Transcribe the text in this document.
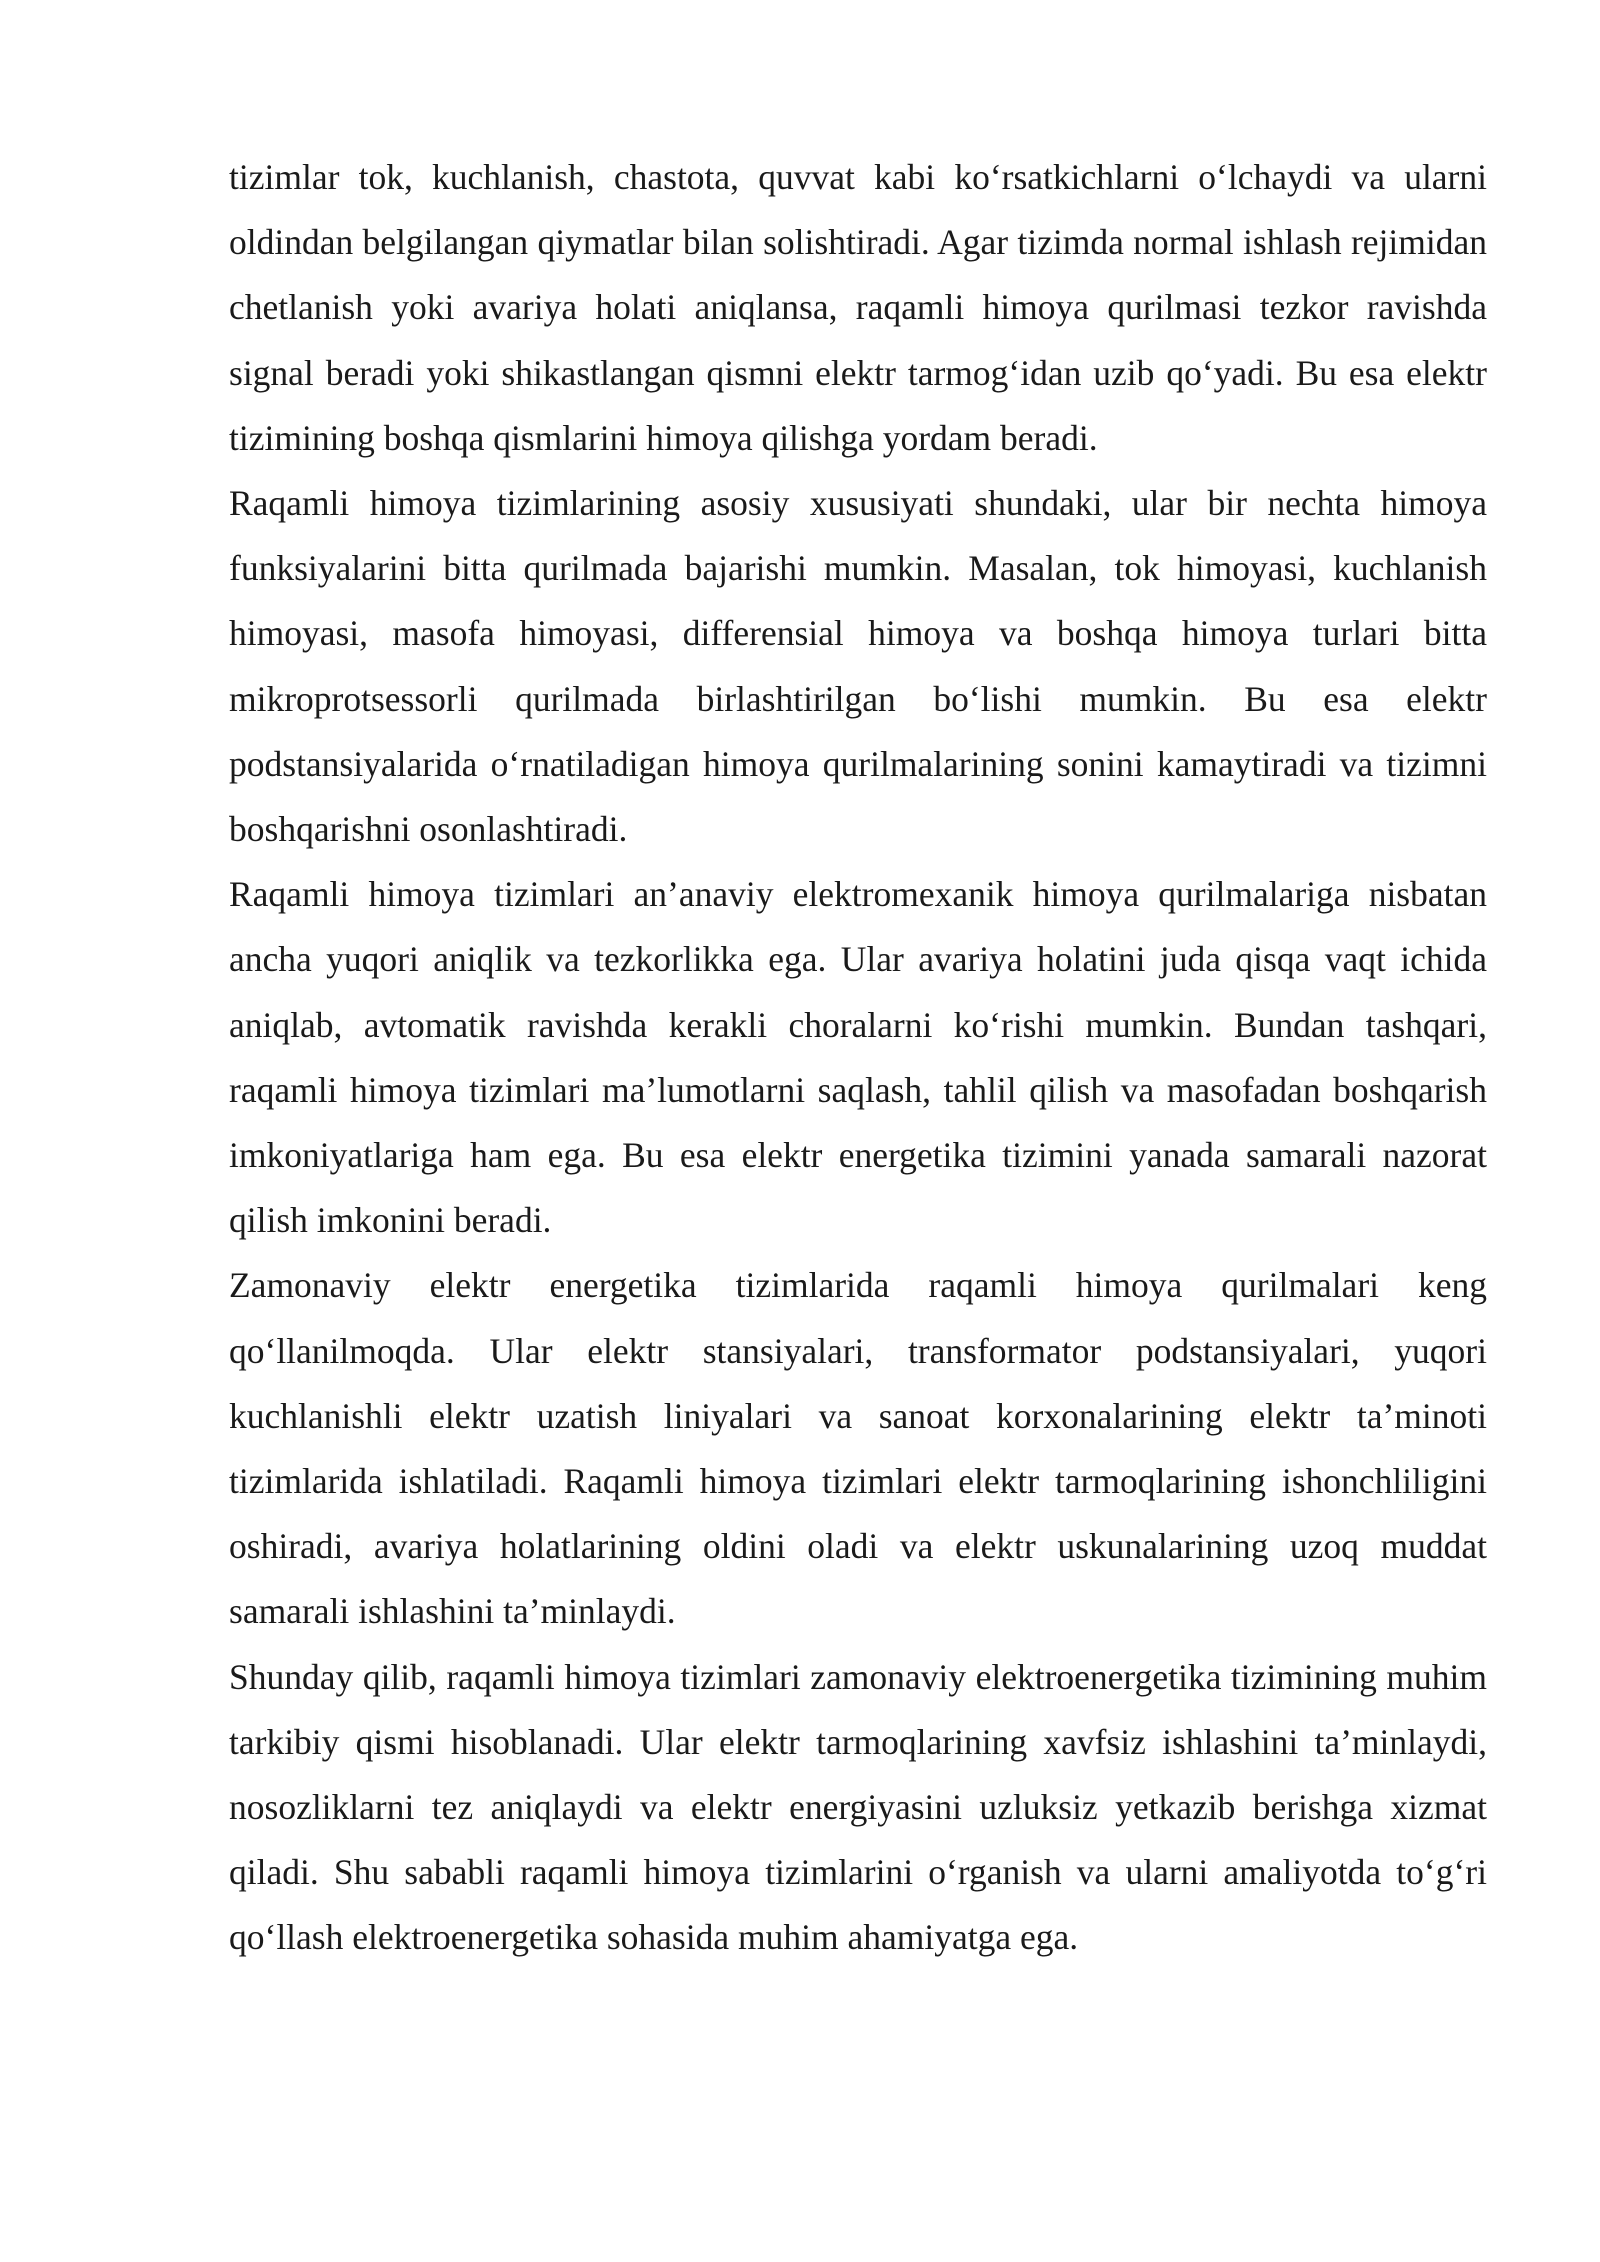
tizimlar tok, kuchlanish, chastota, quvvat kabi ko‘rsatkichlarni o‘lchaydi va ularni oldindan belgilangan qiymatlar bilan solishtiradi. Agar tizimda normal ishlash rejimidan chetlanish yoki avariya holati aniqlansa, raqamli himoya qurilmasi tezkor ravishda signal beradi yoki shikastlangan qismni elektr tarmog‘idan uzib qo‘yadi. Bu esa elektr tizimining boshqa qismlarini himoya qilishga yordam beradi.

Raqamli himoya tizimlarining asosiy xususiyati shundaki, ular bir nechta himoya funksiyalarini bitta qurilmada bajarishi mumkin. Masalan, tok himoyasi, kuchlanish himoyasi, masofa himoyasi, differensial himoya va boshqa himoya turlari bitta mikroprotsessorli qurilmada birlashtirilgan bo‘lishi mumkin. Bu esa elektr podstansiyalarida o‘rnatiladigan himoya qurilmalarining sonini kamaytiradi va tizimni boshqarishni osonlashtiradi.

Raqamli himoya tizimlari an’anaviy elektromexanik himoya qurilmalariga nisbatan ancha yuqori aniqlik va tezkorlikka ega. Ular avariya holatini juda qisqa vaqt ichida aniqlab, avtomatik ravishda kerakli choralarni ko‘rishi mumkin. Bundan tashqari, raqamli himoya tizimlari ma’lumotlarni saqlash, tahlil qilish va masofadan boshqarish imkoniyatlariga ham ega. Bu esa elektr energetika tizimini yanada samarali nazorat qilish imkonini beradi.

Zamonaviy elektr energetika tizimlarida raqamli himoya qurilmalari keng qo‘llanilmoqda. Ular elektr stansiyalari, transformator podstansiyalari, yuqori kuchlanishli elektr uzatish liniyalari va sanoat korxonalarining elektr ta’minoti tizimlarida ishlatiladi. Raqamli himoya tizimlari elektr tarmoqlarining ishonchliligini oshiradi, avariya holatlarining oldini oladi va elektr uskunalarining uzoq muddat samarali ishlashini ta’minlaydi.

Shunday qilib, raqamli himoya tizimlari zamonaviy elektroenergetika tizimining muhim tarkibiy qismi hisoblanadi. Ular elektr tarmoqlarining xavfsiz ishlashini ta’minlaydi, nosozliklarni tez aniqlaydi va elektr energiyasini uzluksiz yetkazib berishga xizmat qiladi. Shu sababli raqamli himoya tizimlarini o‘rganish va ularni amaliyotda to‘g‘ri qo‘llash elektroenergetika sohasida muhim ahamiyatga ega.
